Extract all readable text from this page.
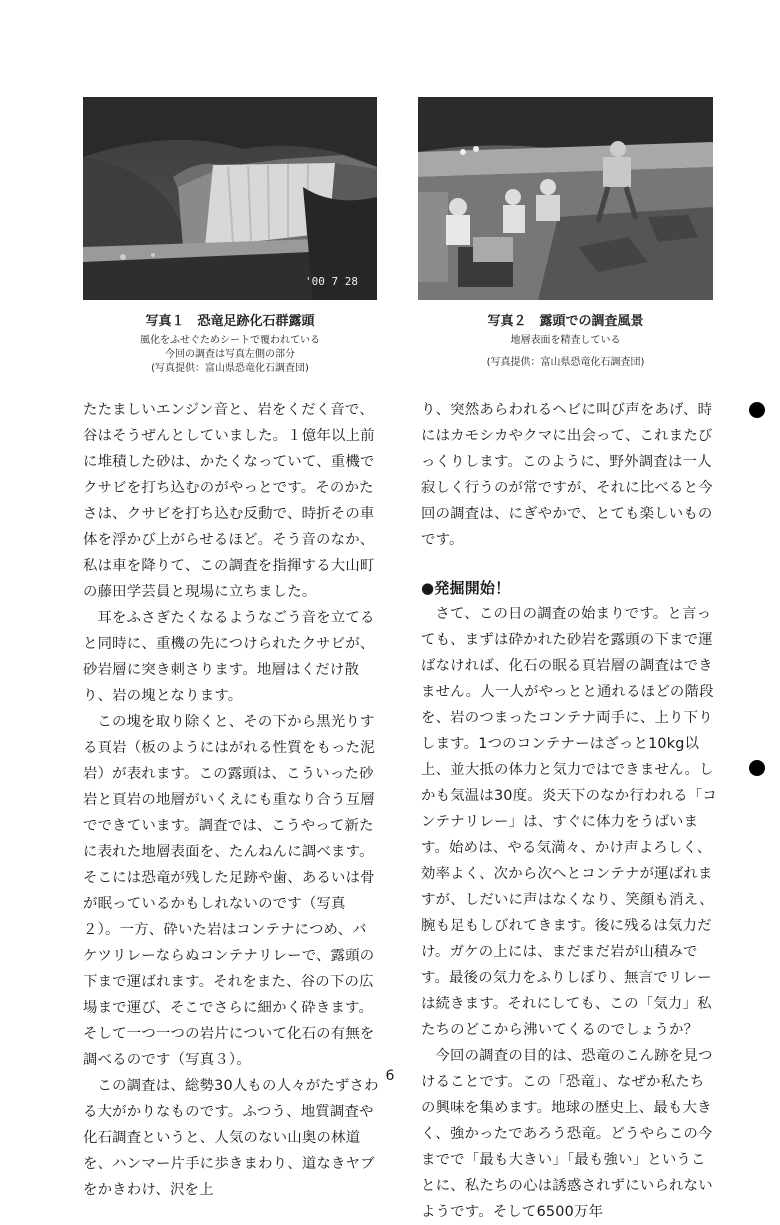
'00 7 28
写真１　恐竜足跡化石群露頭
風化をふせぐためシートで覆われている
今回の調査は写真左側の部分
(写真提供：富山県恐竜化石調査団)
写真２　露頭での調査風景
地層表面を精査している
(写真提供：富山県恐竜化石調査団)

たたましいエンジン音と、岩をくだく音で、谷はそうぜんとしていました。１億年以上前に堆積した砂は、かたくなっていて、重機でクサビを打ち込むのがやっとです。そのかたさは、クサビを打ち込む反動で、時折その車体を浮かび上がらせるほど。そう音のなか、私は車を降りて、この調査を指揮する大山町の藤田学芸員と現場に立ちました。

耳をふさぎたくなるようなごう音を立てると同時に、重機の先につけられたクサビが、砂岩層に突き刺さります。地層はくだけ散り、岩の塊となります。

この塊を取り除くと、その下から黒光りする頁岩（板のようにはがれる性質をもった泥岩）が表れます。この露頭は、こういった砂岩と頁岩の地層がいくえにも重なり合う互層でできています。調査では、こうやって新たに表れた地層表面を、たんねんに調べます。そこには恐竜が残した足跡や歯、あるいは骨が眠っているかもしれないのです（写真２）。一方、砕いた岩はコンテナにつめ、バケツリレーならぬコンテナリレーで、露頭の下まで運ばれます。それをまた、谷の下の広場まで運び、そこでさらに細かく砕きます。そして一つ一つの岩片について化石の有無を調べるのです（写真３）。

この調査は、総勢30人もの人々がたずさわる大がかりなものです。ふつう、地質調査や化石調査というと、人気のない山奥の林道を、ハンマー片手に歩きまわり、道なきヤブをかきわけ、沢を上

り、突然あらわれるヘビに叫び声をあげ、時にはカモシカやクマに出会って、これまたびっくりします。このように、野外調査は一人寂しく行うのが常ですが、それに比べると今回の調査は、にぎやかで、とても楽しいものです。

●発掘開始！

さて、この日の調査の始まりです。と言っても、まずは砕かれた砂岩を露頭の下まで運ばなければ、化石の眠る頁岩層の調査はできません。人一人がやっとと通れるほどの階段を、岩のつまったコンテナ両手に、上り下りします。1つのコンテナーはざっと10kg以上、並大抵の体力と気力ではできません。しかも気温は30度。炎天下のなか行われる「コンテナリレー」は、すぐに体力をうばいます。始めは、やる気満々、かけ声よろしく、効率よく、次から次へとコンテナが運ばれますが、しだいに声はなくなり、笑顔も消え、腕も足もしびれてきます。後に残るは気力だけ。ガケの上には、まだまだ岩が山積みです。最後の気力をふりしぼり、無言でリレーは続きます。それにしても、この「気力」私たちのどこから沸いてくるのでしょうか？

今回の調査の目的は、恐竜のこん跡を見つけることです。この「恐竜」、なぜか私たちの興味を集めます。地球の歴史上、最も大きく、強かったであろう恐竜。どうやらこの今までで「最も大きい」「最も強い」ということに、私たちの心は誘惑されずにいられないようです。そして6500万年

6
